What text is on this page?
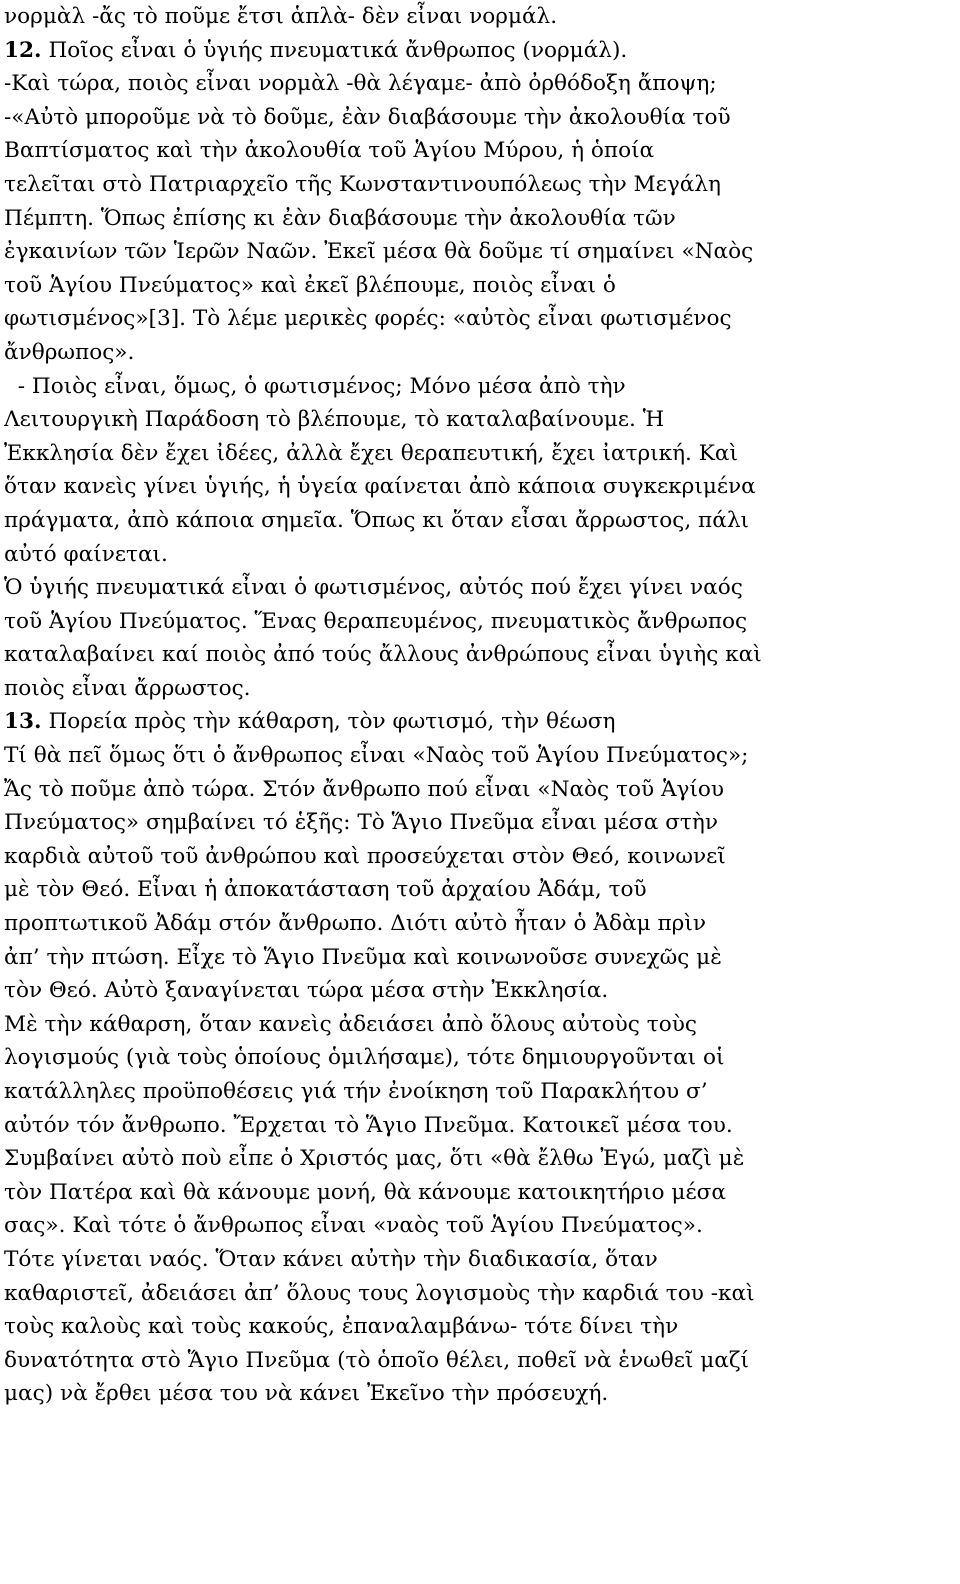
νορμὰλ -ἄς τὸ ποῦμε ἔτσι ἁπλὰ- δὲν εἶναι νορμάλ.
12. Ποῖος εἶναι ὁ ὑγιής πνευματικά ἄνθρωπος (νορμάλ).
-Καὶ τώρα, ποιὸς εἶναι νορμὰλ -θὰ λέγαμε- ἀπὸ ὀρθόδοξη ἄποψη;
-«Αὐτὸ μποροῦμε νὰ τὸ δοῦμε, ἐὰν διαβάσουμε τὴν ἀκολουθία τοῦ
Βαπτίσματος καὶ τὴν ἀκολουθία τοῦ Ἁγίου Μύρου, ἡ ὁποία
τελεῖται στὸ Πατριαρχεῖο τῆς Κωνσταντινουπόλεως τὴν Μεγάλη
Πέμπτη. Ὅπως ἐπίσης κι ἐὰν διαβάσουμε τὴν ἀκολουθία τῶν
ἐγκαινίων τῶν Ἱερῶν Ναῶν. Ἐκεῖ μέσα θὰ δοῦμε τί σημαίνει «Ναὸς
τοῦ Ἁγίου Πνεύματος» καὶ ἐκεῖ βλέπουμε, ποιὸς εἶναι ὁ
φωτισμένος»[3]. Τὸ λέμε μερικὲς φορές: «αὐτὸς εἶναι φωτισμένος
ἄνθρωπος».
- Ποιὸς εἶναι, ὅμως, ὁ φωτισμένος; Μόνο μέσα ἀπὸ τὴν
Λειτουργικὴ Παράδοση τὸ βλέπουμε, τὸ καταλαβαίνουμε. Ἡ
Ἐκκλησία δὲν ἔχει ἰδέες, ἀλλὰ ἔχει θεραπευτική, ἔχει ἰατρική. Καὶ
ὅταν κανεὶς γίνει ὑγιής, ἡ ὑγεία φαίνεται ἀπὸ κάποια συγκεκριμένα
πράγματα, ἀπὸ κάποια σημεῖα. Ὅπως κι ὅταν εἶσαι ἄρρωστος, πάλι
αὐτό φαίνεται.
Ὁ ὑγιής πνευματικά εἶναι ὁ φωτισμένος, αὐτός πού ἔχει γίνει ναός
τοῦ Ἁγίου Πνεύματος. Ἕνας θεραπευμένος, πνευματικὸς ἄνθρωπος
καταλαβαίνει καί ποιὸς ἀπό τούς ἄλλους ἀνθρώπους εἶναι ὑγιὴς καὶ
ποιὸς εἶναι ἄρρωστος.
13. Πορεία πρὸς τὴν κάθαρση, τὸν φωτισμό, τὴν θέωση
Τί θὰ πεῖ ὅμως ὅτι ὁ ἄνθρωπος εἶναι «Ναὸς τοῦ Ἁγίου Πνεύματος»;
Ἄς τὸ ποῦμε ἀπὸ τώρα. Στόν ἄνθρωπο πού εἶναι «Ναὸς τοῦ Ἁγίου
Πνεύματος» σημβαίνει τό ἑξῆς: Τὸ Ἅγιο Πνεῦμα εἶναι μέσα στὴν
καρδιὰ αὐτοῦ τοῦ ἀνθρώπου καὶ προσεύχεται στὸν Θεό, κοινωνεῖ
μὲ τὸν Θεό. Εἶναι ἡ ἀποκατάσταση τοῦ ἀρχαίου Ἀδάμ, τοῦ
προπτωτικοῦ Ἀδάμ στόν ἄνθρωπο. Διότι αὐτὸ ἦταν ὁ Ἀδὰμ πρὶν
ἀπ’ τὴν πτώση. Εἶχε τὸ Ἅγιο Πνεῦμα καὶ κοινωνοῦσε συνεχῶς μὲ
τὸν Θεό. Αὐτὸ ξαναγίνεται τώρα μέσα στὴν Ἐκκλησία.
Μὲ τὴν κάθαρση, ὅταν κανεὶς ἀδειάσει ἀπὸ ὅλους αὐτοὺς τοὺς
λογισμούς (γιὰ τοὺς ὁποίους ὁμιλήσαμε), τότε δημιουργοῦνται οἱ
κατάλληλες προϋποθέσεις γιά τήν ἐνοίκηση τοῦ Παρακλήτου σ’
αὐτόν τόν ἄνθρωπο. Ἔρχεται τὸ Ἅγιο Πνεῦμα. Κατοικεῖ μέσα του.
Συμβαίνει αὐτὸ ποὺ εἶπε ὁ Χριστός μας, ὅτι «θὰ ἔλθω Ἐγώ, μαζὶ μὲ
τὸν Πατέρα καὶ θὰ κάνουμε μονή, θὰ κάνουμε κατοικητήριο μέσα
σας». Καὶ τότε ὁ ἄνθρωπος εἶναι «ναὸς τοῦ Ἁγίου Πνεύματος».
Τότε γίνεται ναός. Ὅταν κάνει αὐτὴν τὴν διαδικασία, ὅταν
καθαριστεῖ, ἀδειάσει ἀπ’ ὅλους τους λογισμοὺς τὴν καρδιά του -καὶ
τοὺς καλοὺς καὶ τοὺς κακούς, ἐπαναλαμβάνω- τότε δίνει τὴν
δυνατότητα στὸ Ἅγιο Πνεῦμα (τὸ ὁποῖο θέλει, ποθεῖ νὰ ἑνωθεῖ μαζί
μας) νὰ ἔρθει μέσα του νὰ κάνει Ἐκεῖνο τὴν πρόσευχή.
